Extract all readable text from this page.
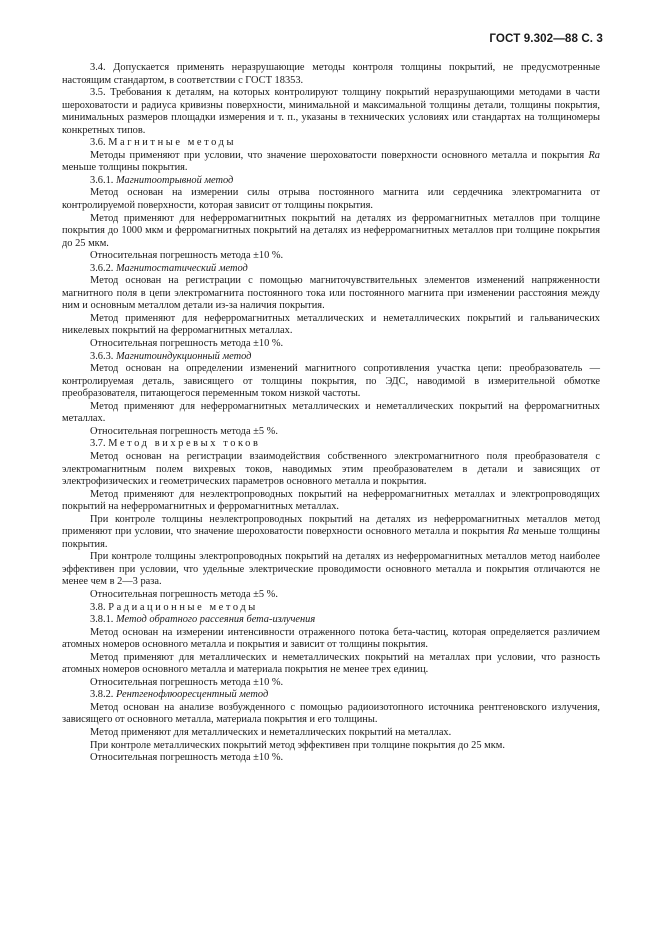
ГОСТ 9.302—88 С. 3

3.4. Допускается применять неразрушающие методы контроля толщины покрытий, не предусмотренные настоящим стандартом, в соответствии с ГОСТ 18353.

3.5. Требования к деталям, на которых контролируют толщину покрытий неразрушающими методами в части шероховатости и радиуса кривизны поверхности, минимальной и максимальной толщины детали, толщины покрытия, минимальных размеров площадки измерения и т. п., указаны в технических условиях или стандартах на толщиномеры конкретных типов.

3.6. Магнитные методы

Методы применяют при условии, что значение шероховатости поверхности основного металла и покрытия Ra меньше толщины покрытия.

3.6.1. Магнитоотрывной метод

Метод основан на измерении силы отрыва постоянного магнита или сердечника электромагнита от контролируемой поверхности, которая зависит от толщины покрытия.

Метод применяют для неферромагнитных покрытий на деталях из ферромагнитных металлов при толщине покрытия до 1000 мкм и ферромагнитных покрытий на деталях из неферромагнитных металлов при толщине покрытия до 25 мкм.

Относительная погрешность метода ±10 %.

3.6.2. Магнитостатический метод

Метод основан на регистрации с помощью магниточувствительных элементов изменений напряженности магнитного поля в цепи электромагнита постоянного тока или постоянного магнита при изменении расстояния между ним и основным металлом детали из-за наличия покрытия.

Метод применяют для неферромагнитных металлических и неметаллических покрытий и гальванических никелевых покрытий на ферромагнитных металлах.

Относительная погрешность метода ±10 %.

3.6.3. Магнитоиндукционный метод

Метод основан на определении изменений магнитного сопротивления участка цепи: преобразователь — контролируемая деталь, зависящего от толщины покрытия, по ЭДС, наводимой в измерительной обмотке преобразователя, питающегося переменным током низкой частоты.

Метод применяют для неферромагнитных металлических и неметаллических покрытий на ферромагнитных металлах.

Относительная погрешность метода ±5 %.

3.7. Метод вихревых токов

Метод основан на регистрации взаимодействия собственного электромагнитного поля преобразователя с электромагнитным полем вихревых токов, наводимых этим преобразователем в детали и зависящих от электрофизических и геометрических параметров основного металла и покрытия.

Метод применяют для неэлектропроводных покрытий на неферромагнитных металлах и электропроводящих покрытий на неферромагнитных и ферромагнитных металлах.

При контроле толщины неэлектропроводных покрытий на деталях из неферромагнитных металлов метод применяют при условии, что значение шероховатости поверхности основного металла и покрытия Ra меньше толщины покрытия.

При контроле толщины электропроводных покрытий на деталях из неферромагнитных металлов метод наиболее эффективен при условии, что удельные электрические проводимости основного металла и покрытия отличаются не менее чем в 2—3 раза.

Относительная погрешность метода ±5 %.

3.8. Радиационные методы

3.8.1. Метод обратного рассеяния бета-излучения

Метод основан на измерении интенсивности отраженного потока бета-частиц, которая определяется различием атомных номеров основного металла и покрытия и зависит от толщины покрытия.

Метод применяют для металлических и неметаллических покрытий на металлах при условии, что разность атомных номеров основного металла и материала покрытия не менее трех единиц.

Относительная погрешность метода ±10 %.

3.8.2. Рентгенофлюоресцентный метод

Метод основан на анализе возбужденного с помощью радиоизотопного источника рентгеновского излучения, зависящего от основного металла, материала покрытия и его толщины.

Метод применяют для металлических и неметаллических покрытий на металлах.

При контроле металлических покрытий метод эффективен при толщине покрытия до 25 мкм.

Относительная погрешность метода ±10 %.
